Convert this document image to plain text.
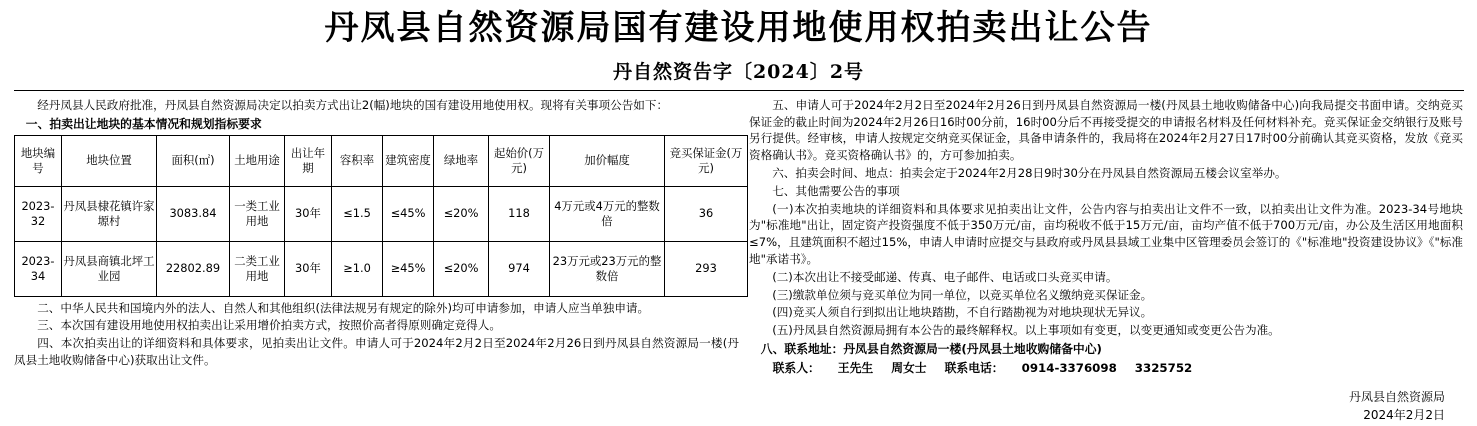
丹凤县自然资源局国有建设用地使用权拍卖出让公告
丹自然资告字〔2024〕2号

经丹凤县人民政府批准，丹凤县自然资源局决定以拍卖方式出让2(幅)地块的国有建设用地使用权。现将有关事项公告如下：

一、拍卖出让地块的基本情况和规划指标要求

地块编号	地块位置	面积(㎡)	土地用途	出让年期	容积率	建筑密度	绿地率	起始价(万元)	加价幅度	竞买保证金(万元)
2023-32	丹凤县棣花镇许家塬村	3083.84	一类工业用地	30年	≤1.5	≤45%	≤20%	118	4万元或4万元的整数倍	36
2023-34	丹凤县商镇北坪工业园	22802.89	二类工业用地	30年	≥1.0	≥45%	≤20%	974	23万元或23万元的整数倍	293

二、中华人民共和国境内外的法人、自然人和其他组织(法律法规另有规定的除外)均可申请参加，申请人应当单独申请。

三、本次国有建设用地使用权拍卖出让采用增价拍卖方式，按照价高者得原则确定竞得人。

四、本次拍卖出让的详细资料和具体要求，见拍卖出让文件。申请人可于2024年2月2日至2024年2月26日到丹凤县自然资源局一楼(丹凤县土地收购储备中心)获取出让文件。

五、申请人可于2024年2月2日至2024年2月26日到丹凤县自然资源局一楼(丹凤县土地收购储备中心)向我局提交书面申请。交纳竞买保证金的截止时间为2024年2月26日16时00分前，16时00分后不再接受提交的申请报名材料及任何材料补充。竞买保证金交纳银行及账号另行提供。经审核，申请人按规定交纳竞买保证金，具备申请条件的，我局将在2024年2月27日17时00分前确认其竞买资格，发放《竞买资格确认书》。竞买资格确认书》的，方可参加拍卖。

六、拍卖会时间、地点：拍卖会定于2024年2月28日9时30分在丹凤县自然资源局五楼会议室举办。

七、其他需要公告的事项

(一)本次拍卖地块的详细资料和具体要求见拍卖出让文件，公告内容与拍卖出让文件不一致，以拍卖出让文件为准。2023-34号地块为"标准地"出让，固定资产投资强度不低于350万元/亩，亩均税收不低于15万元/亩，亩均产值不低于700万元/亩，办公及生活区用地面积≤7%，且建筑面积不超过15%，申请人申请时应提交与县政府或丹凤县县域工业集中区管理委员会签订的《"标准地"投资建设协议》《"标准地"承诺书》。

(二)本次出让不接受邮递、传真、电子邮件、电话或口头竞买申请。

(三)缴款单位须与竞买单位为同一单位，以竞买单位名义缴纳竞买保证金。

(四)竞买人须自行到拟出让地块踏勘，不自行踏勘视为对地块现状无异议。

(五)丹凤县自然资源局拥有本公告的最终解释权。以上事项如有变更，以变更通知或变更公告为准。

八、联系地址：丹凤县自然资源局一楼(丹凤县土地收购储备中心)

联系人： 王先生 周女士 联系电话： 0914-3376098 3325752
丹凤县自然资源局
2024年2月2日
